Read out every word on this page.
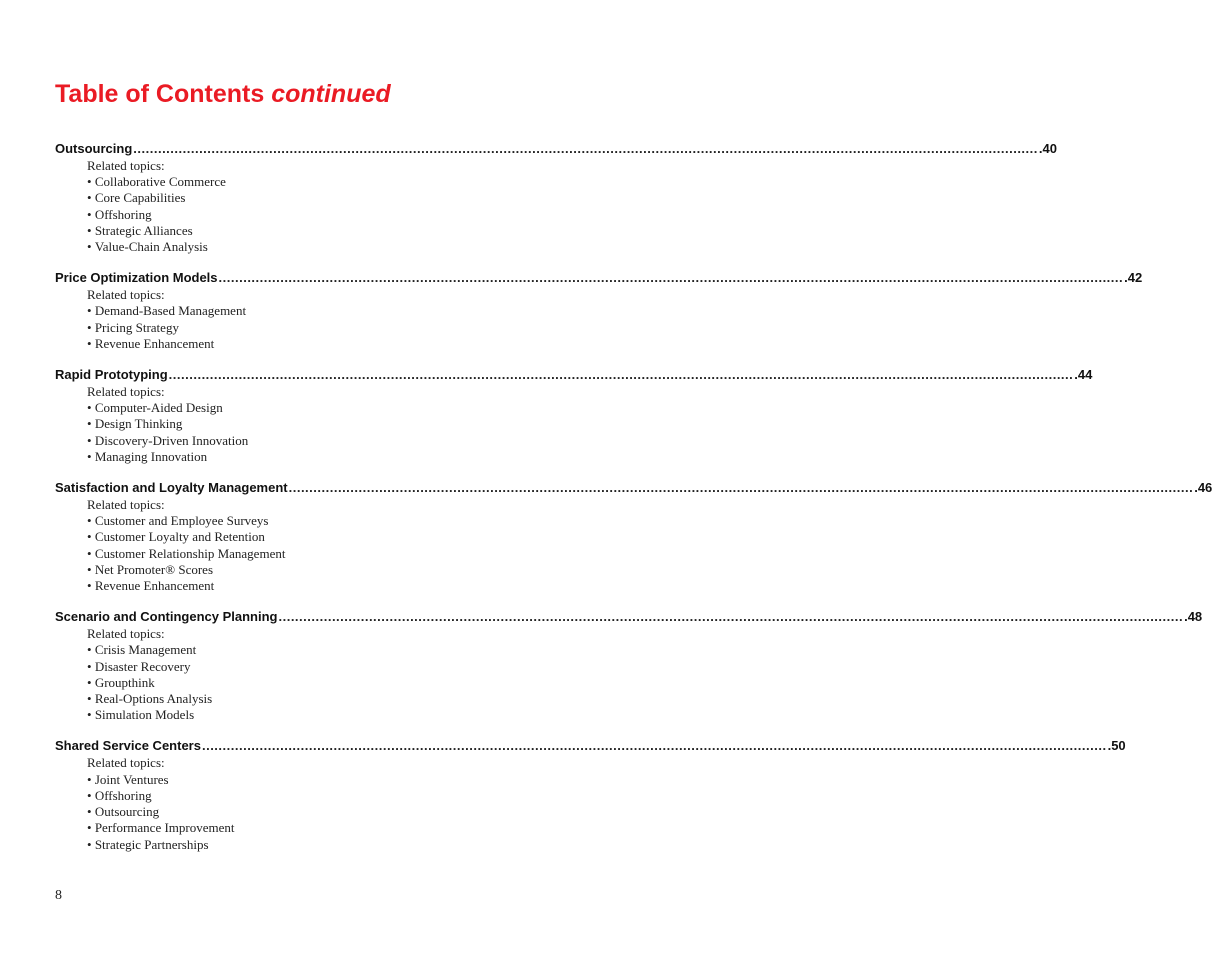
Table of Contents continued
Outsourcing ............................................................................................................................................................................................................................ .40
Related topics:
• Collaborative Commerce
• Core Capabilities
• Offshoring
• Strategic Alliances
• Value-Chain Analysis
Price Optimization Models ............................................................................................................................................................................................................................ .42
Related topics:
• Demand-Based Management
• Pricing Strategy
• Revenue Enhancement
Rapid Prototyping ............................................................................................................................................................................................................................ .44
Related topics:
• Computer-Aided Design
• Design Thinking
• Discovery-Driven Innovation
• Managing Innovation
Satisfaction and Loyalty Management ............................................................................................................................................................................................................................ .46
Related topics:
• Customer and Employee Surveys
• Customer Loyalty and Retention
• Customer Relationship Management
• Net Promoter® Scores
• Revenue Enhancement
Scenario and Contingency Planning ............................................................................................................................................................................................................................ .48
Related topics:
• Crisis Management
• Disaster Recovery
• Groupthink
• Real-Options Analysis
• Simulation Models
Shared Service Centers ............................................................................................................................................................................................................................ .50
Related topics:
• Joint Ventures
• Offshoring
• Outsourcing
• Performance Improvement
• Strategic Partnerships
8
